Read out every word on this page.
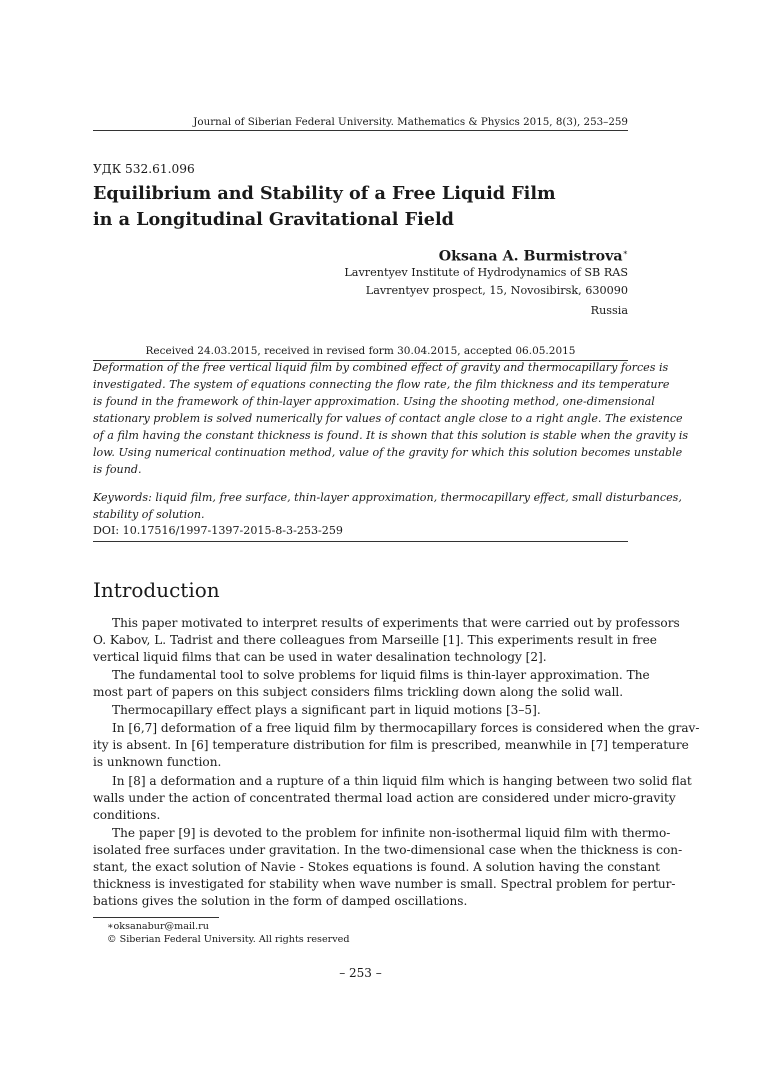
Journal of Siberian Federal University. Mathematics & Physics 2015, 8(3), 253–259
УДК 532.61.096
Equilibrium and Stability of a Free Liquid Film
in a Longitudinal Gravitational Field
Oksana A. Burmistrova∗
Lavrentyev Institute of Hydrodynamics of SB RAS
Lavrentyev prospect, 15, Novosibirsk, 630090
Russia
Received 24.03.2015, received in revised form 30.04.2015, accepted 06.05.2015
Deformation of the free vertical liquid film by combined effect of gravity and thermocapillary forces is
investigated. The system of equations connecting the flow rate, the film thickness and its temperature
is found in the framework of thin-layer approximation. Using the shooting method, one-dimensional
stationary problem is solved numerically for values of contact angle close to a right angle. The existence
of a film having the constant thickness is found. It is shown that this solution is stable when the gravity is
low. Using numerical continuation method, value of the gravity for which this solution becomes unstable
is found.
Keywords: liquid film, free surface, thin-layer approximation, thermocapillary effect, small disturbances,
stability of solution.
DOI: 10.17516/1997-1397-2015-8-3-253-259
Introduction
This paper motivated to interpret results of experiments that were carried out by professors
O. Kabov, L. Tadrist and there colleagues from Marseille [1]. This experiments result in free
vertical liquid films that can be used in water desalination technology [2].
The fundamental tool to solve problems for liquid films is thin-layer approximation. The
most part of papers on this subject considers films trickling down along the solid wall.
Thermocapillary effect plays a significant part in liquid motions [3–5].
In [6,7] deformation of a free liquid film by thermocapillary forces is considered when the grav-
ity is absent. In [6] temperature distribution for film is prescribed, meanwhile in [7] temperature
is unknown function.
In [8] a deformation and a rupture of a thin liquid film which is hanging between two solid flat
walls under the action of concentrated thermal load action are considered under micro-gravity
conditions.
The paper [9] is devoted to the problem for infinite non-isothermal liquid film with thermo-
isolated free surfaces under gravitation. In the two-dimensional case when the thickness is con-
stant, the exact solution of Navie - Stokes equations is found. A solution having the constant
thickness is investigated for stability when wave number is small. Spectral problem for pertur-
bations gives the solution in the form of damped oscillations.
∗oksanabur@mail.ru
© Siberian Federal University. All rights reserved
– 253 –
